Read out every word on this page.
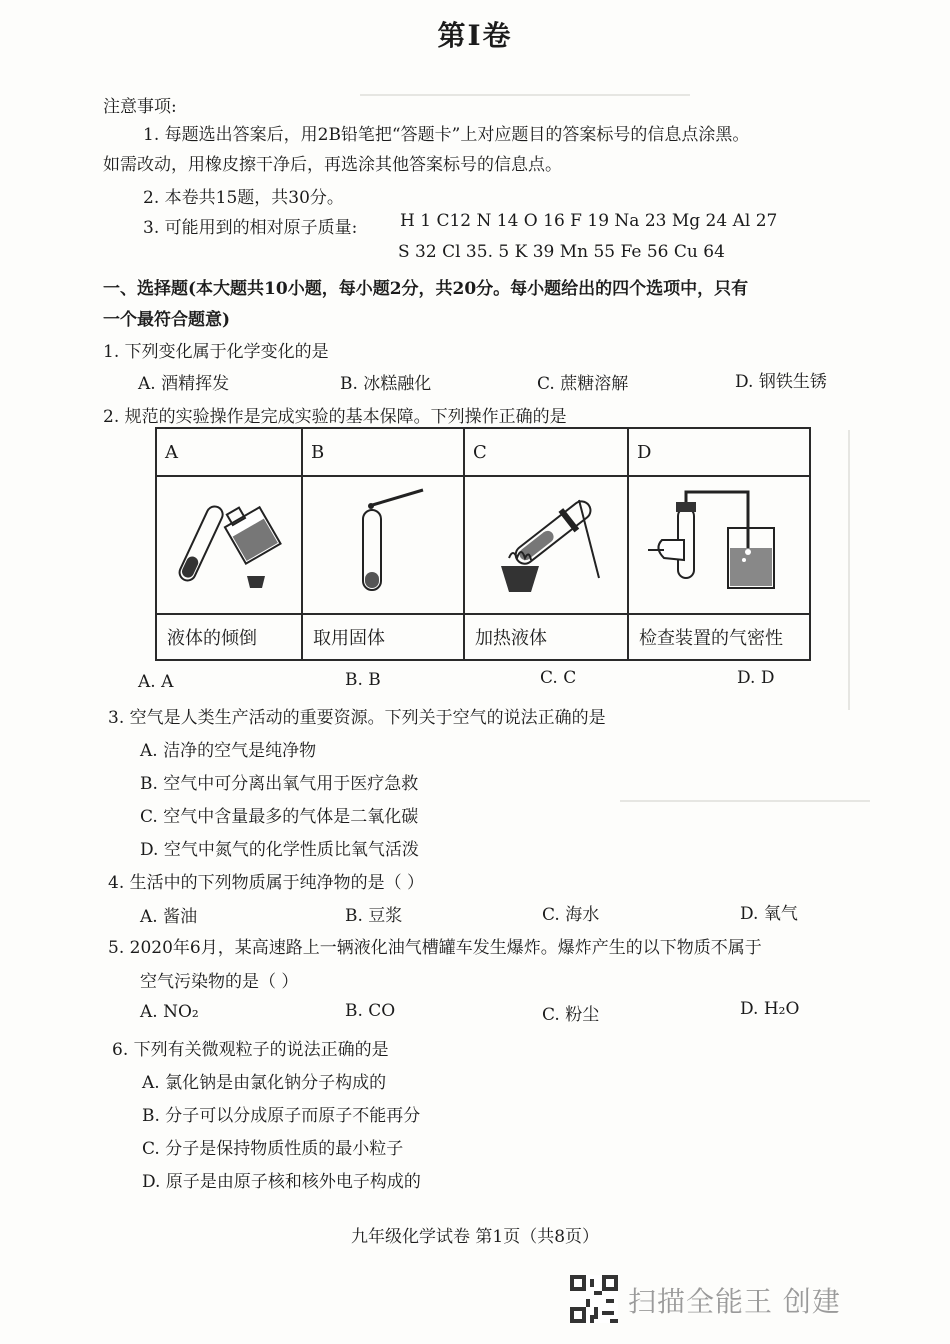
第Ⅰ卷
注意事项:
1. 每题选出答案后，用2B铅笔把“答题卡”上对应题目的答案标号的信息点涂黑。
如需改动，用橡皮擦干净后，再选涂其他答案标号的信息点。
2. 本卷共15题，共30分。
3. 可能用到的相对原子质量:	H 1 C12 N 14 O 16 F 19 Na 23 Mg 24 Al 27
S 32 Cl 35. 5 K 39 Mn 55 Fe 56 Cu 64
一、选择题(本大题共10小题，每小题2分，共20分。每小题给出的四个选项中，只有
一个最符合题意)
1. 下列变化属于化学变化的是
A. 酒精挥发	B. 冰糕融化	C. 蔗糖溶解	D. 钢铁生锈
2. 规范的实验操作是完成实验的基本保障。下列操作正确的是
A	B	C	D

液体的倾倒	取用固体	加热液体	检查装置的气密性
A. A	B. B	C. C	D. D
3. 空气是人类生产活动的重要资源。下列关于空气的说法正确的是
A. 洁净的空气是纯净物
B. 空气中可分离出氧气用于医疗急救
C. 空气中含量最多的气体是二氧化碳
D. 空气中氮气的化学性质比氧气活泼
4. 生活中的下列物质属于纯净物的是（ ）
A. 酱油	B. 豆浆	C. 海水	D. 氧气
5. 2020年6月，某高速路上一辆液化油气槽罐车发生爆炸。爆炸产生的以下物质不属于
空气污染物的是（ ）
A. NO₂	B. CO	C. 粉尘	D. H₂O
6. 下列有关微观粒子的说法正确的是
A. 氯化钠是由氯化钠分子构成的
B. 分子可以分成原子而原子不能再分
C. 分子是保持物质性质的最小粒子
D. 原子是由原子核和核外电子构成的
九年级化学试卷 第1页（共8页）
扫描全能王 创建
